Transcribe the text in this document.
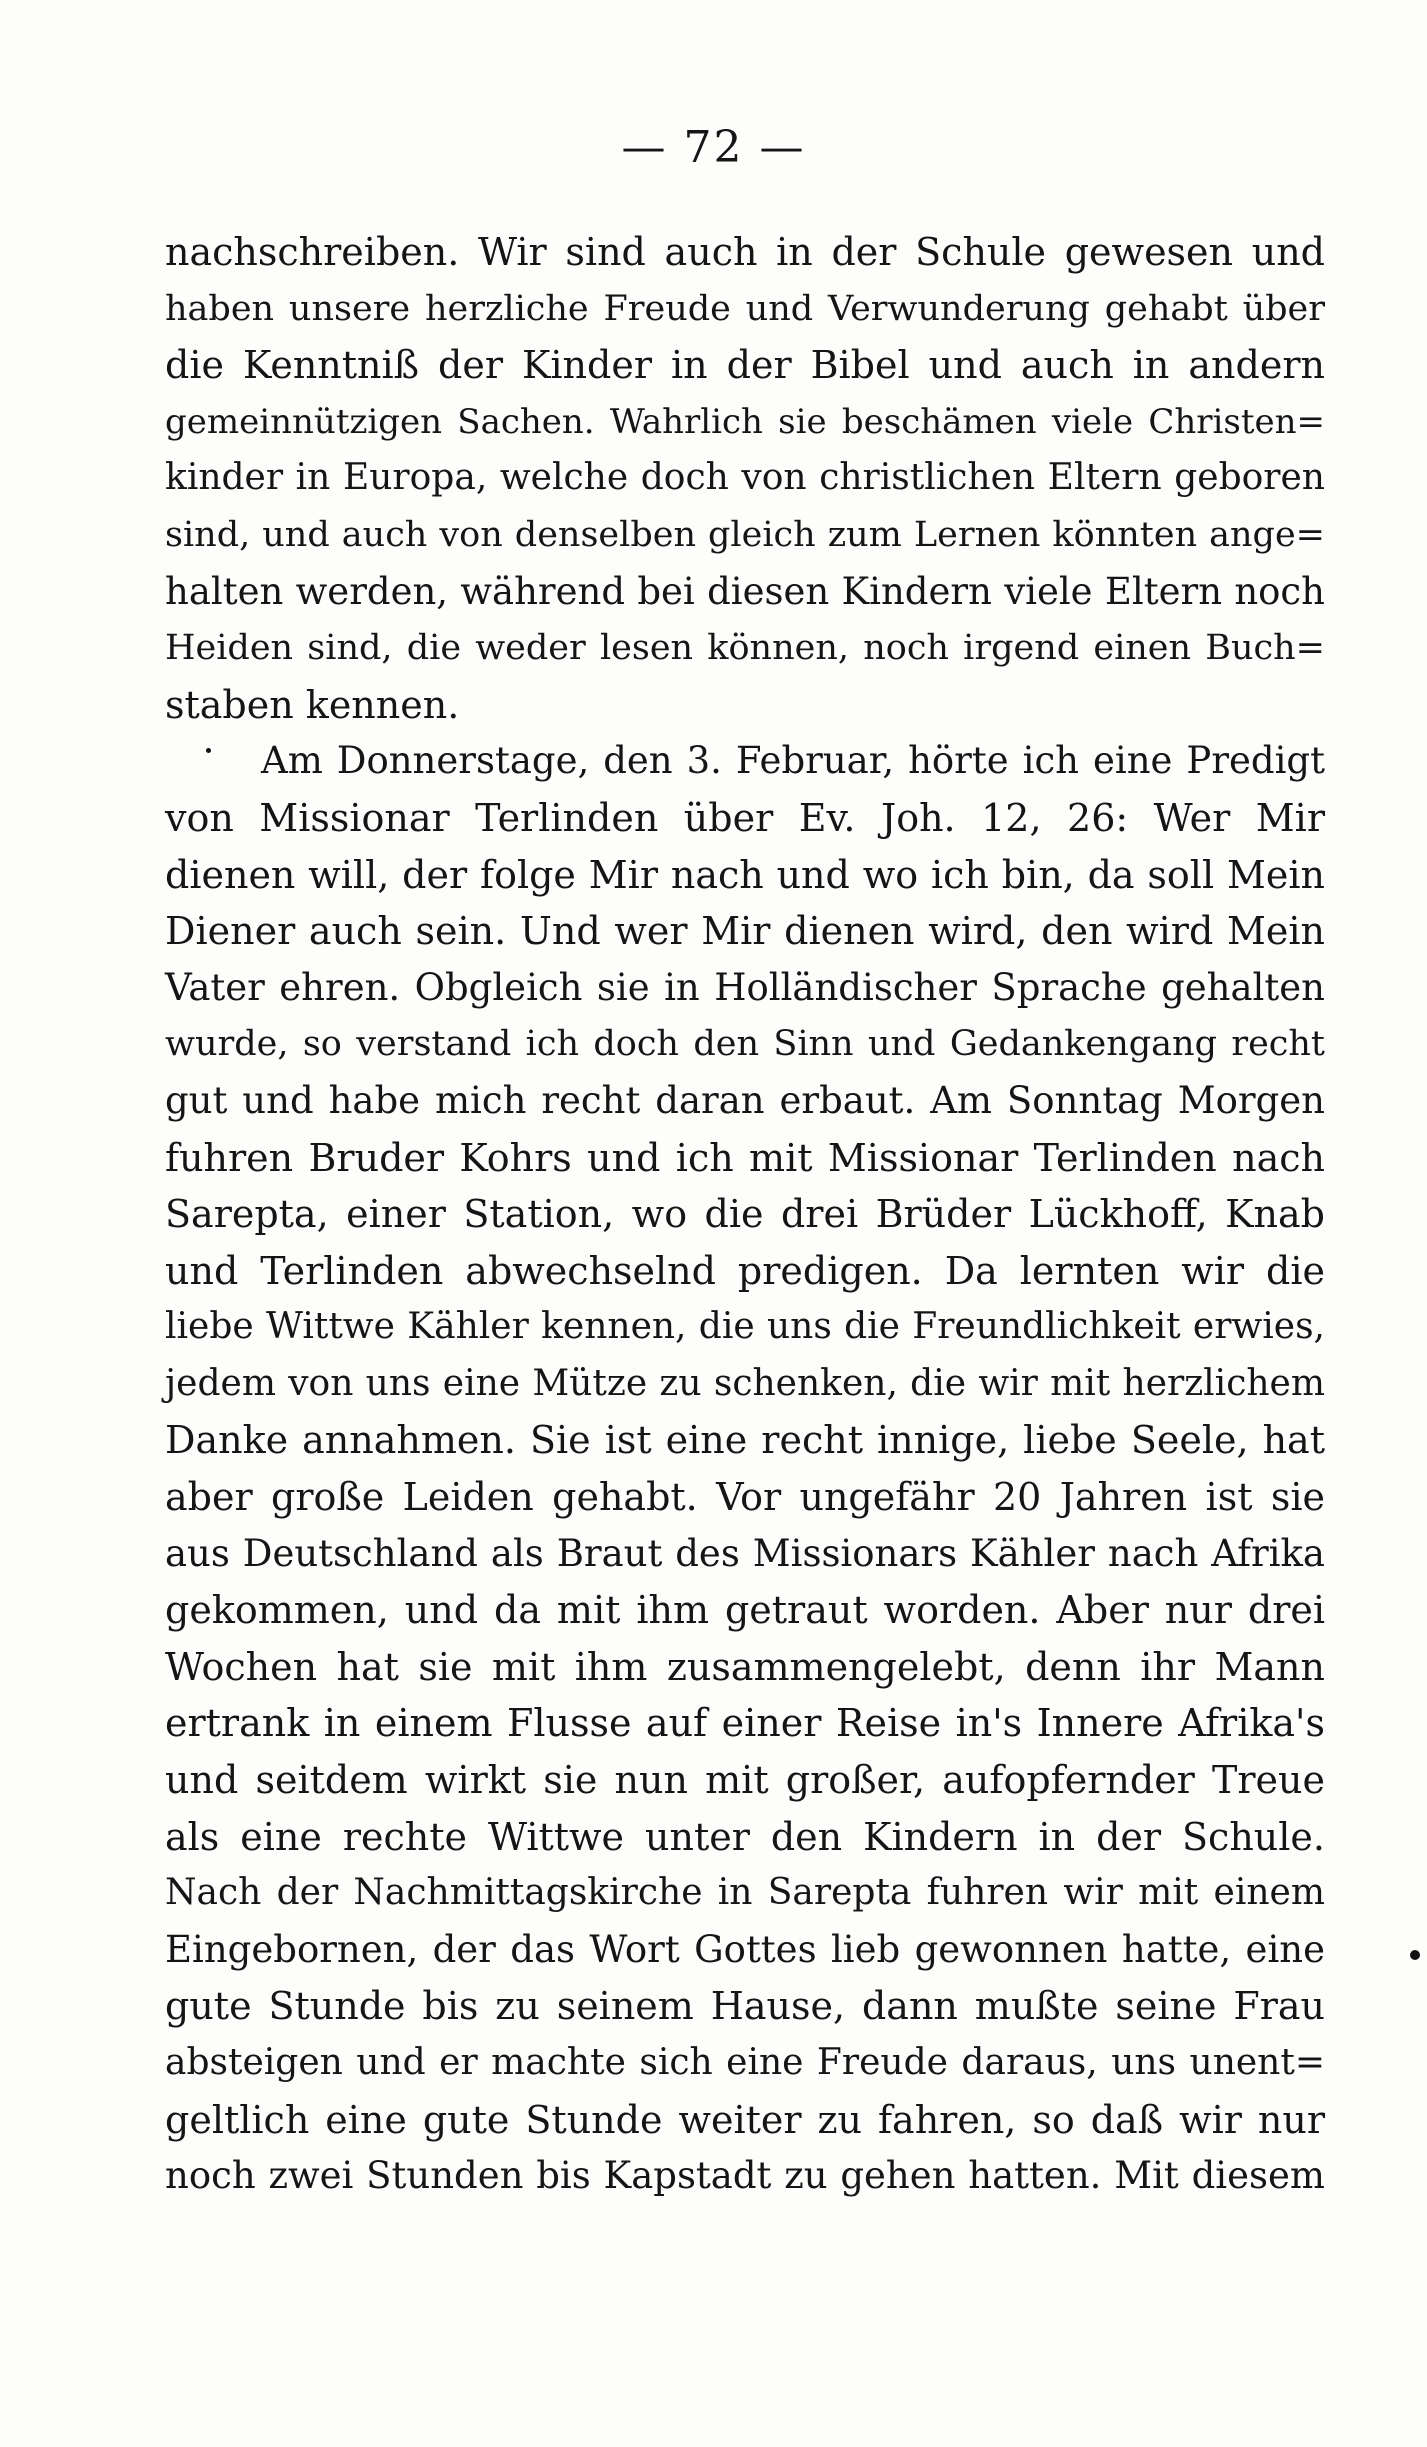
— 72 —
nachschreiben. Wir sind auch in der Schule gewesen und
haben unsere herzliche Freude und Verwunderung gehabt über
die Kenntniß der Kinder in der Bibel und auch in andern
gemeinnützigen Sachen. Wahrlich sie beschämen viele Christen=
kinder in Europa, welche doch von christlichen Eltern geboren
sind, und auch von denselben gleich zum Lernen könnten ange=
halten werden, während bei diesen Kindern viele Eltern noch
Heiden sind, die weder lesen können, noch irgend einen Buch=
staben kennen.
Am Donnerstage, den 3. Februar, hörte ich eine Predigt
von Missionar Terlinden über Ev. Joh. 12, 26: Wer Mir
dienen will, der folge Mir nach und wo ich bin, da soll Mein
Diener auch sein. Und wer Mir dienen wird, den wird Mein
Vater ehren. Obgleich sie in Holländischer Sprache gehalten
wurde, so verstand ich doch den Sinn und Gedankengang recht
gut und habe mich recht daran erbaut. Am Sonntag Morgen
fuhren Bruder Kohrs und ich mit Missionar Terlinden nach
Sarepta, einer Station, wo die drei Brüder Lückhoff, Knab
und Terlinden abwechselnd predigen. Da lernten wir die
liebe Wittwe Kähler kennen, die uns die Freundlichkeit erwies,
jedem von uns eine Mütze zu schenken, die wir mit herzlichem
Danke annahmen. Sie ist eine recht innige, liebe Seele, hat
aber große Leiden gehabt. Vor ungefähr 20 Jahren ist sie
aus Deutschland als Braut des Missionars Kähler nach Afrika
gekommen, und da mit ihm getraut worden. Aber nur drei
Wochen hat sie mit ihm zusammengelebt, denn ihr Mann
ertrank in einem Flusse auf einer Reise in's Innere Afrika's
und seitdem wirkt sie nun mit großer, aufopfernder Treue
als eine rechte Wittwe unter den Kindern in der Schule.
Nach der Nachmittagskirche in Sarepta fuhren wir mit einem
Eingebornen, der das Wort Gottes lieb gewonnen hatte, eine
gute Stunde bis zu seinem Hause, dann mußte seine Frau
absteigen und er machte sich eine Freude daraus, uns unent=
geltlich eine gute Stunde weiter zu fahren, so daß wir nur
noch zwei Stunden bis Kapstadt zu gehen hatten. Mit diesem
